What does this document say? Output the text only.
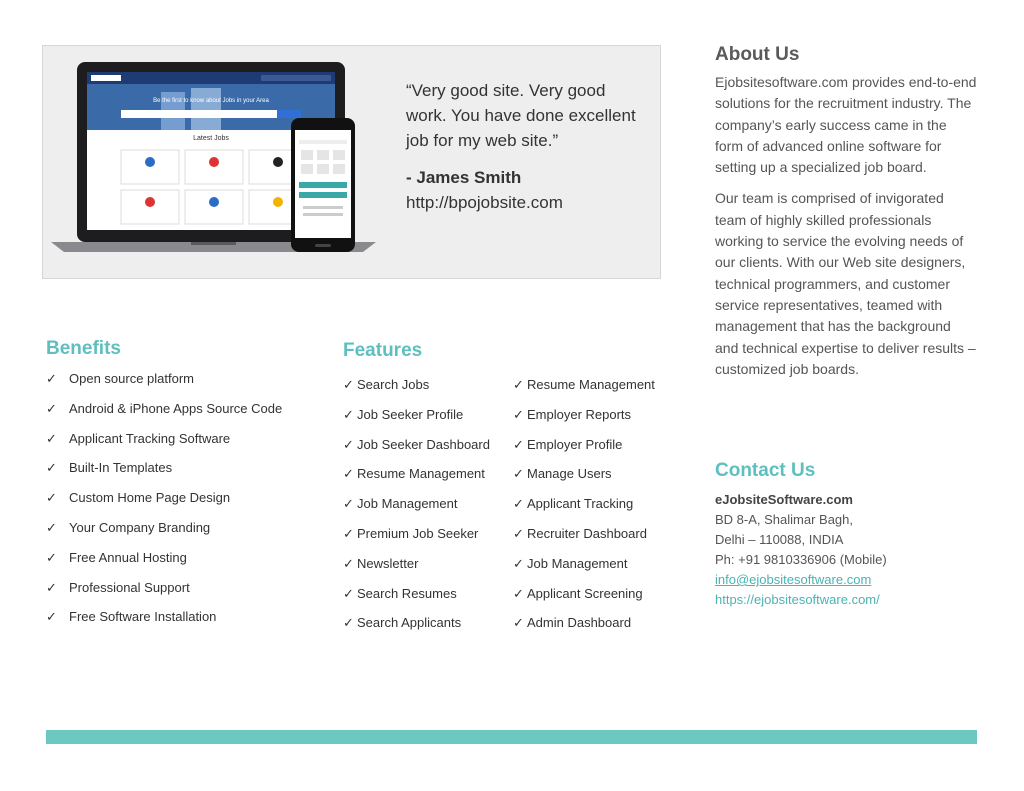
Be the first to know about Jobs in your Area
Latest Jobs
“Very good site. Very good work. You have done excellent job for my web site.”
- James Smith
http://bpojobsite.com
About Us

Ejobsitesoftware.com provides end-to-end solutions for the recruitment industry. The company’s early success came in the form of advanced online software for setting up a specialized job board.

Our team is comprised of invigorated team of highly skilled professionals working to service the evolving needs of our clients. With our Web site designers, technical programmers, and customer service representatives, teamed with management that has the background and technical expertise to deliver results – customized job boards.

Benefits
✓ Open source platform
✓ Android & iPhone Apps Source Code
✓ Applicant Tracking Software
✓ Built-In Templates
✓ Custom Home Page Design
✓ Your Company Branding
✓ Free Annual Hosting
✓ Professional Support
✓ Free Software Installation
Features
✓ Search Jobs
✓ Job Seeker Profile
✓ Job Seeker Dashboard
✓ Resume Management
✓ Job Management
✓ Premium Job Seeker
✓ Newsletter
✓ Search Resumes
✓ Search Applicants
✓ Resume Management
✓ Employer Reports
✓ Employer Profile
✓ Manage Users
✓ Applicant Tracking
✓ Recruiter Dashboard
✓ Job Management
✓ Applicant Screening
✓ Admin Dashboard
Contact Us
eJobsiteSoftware.com
BD 8-A, Shalimar Bagh,
Delhi – 110088, INDIA
Ph: +91 9810336906 (Mobile)
info@ejobsitesoftware.com
https://ejobsitesoftware.com/
